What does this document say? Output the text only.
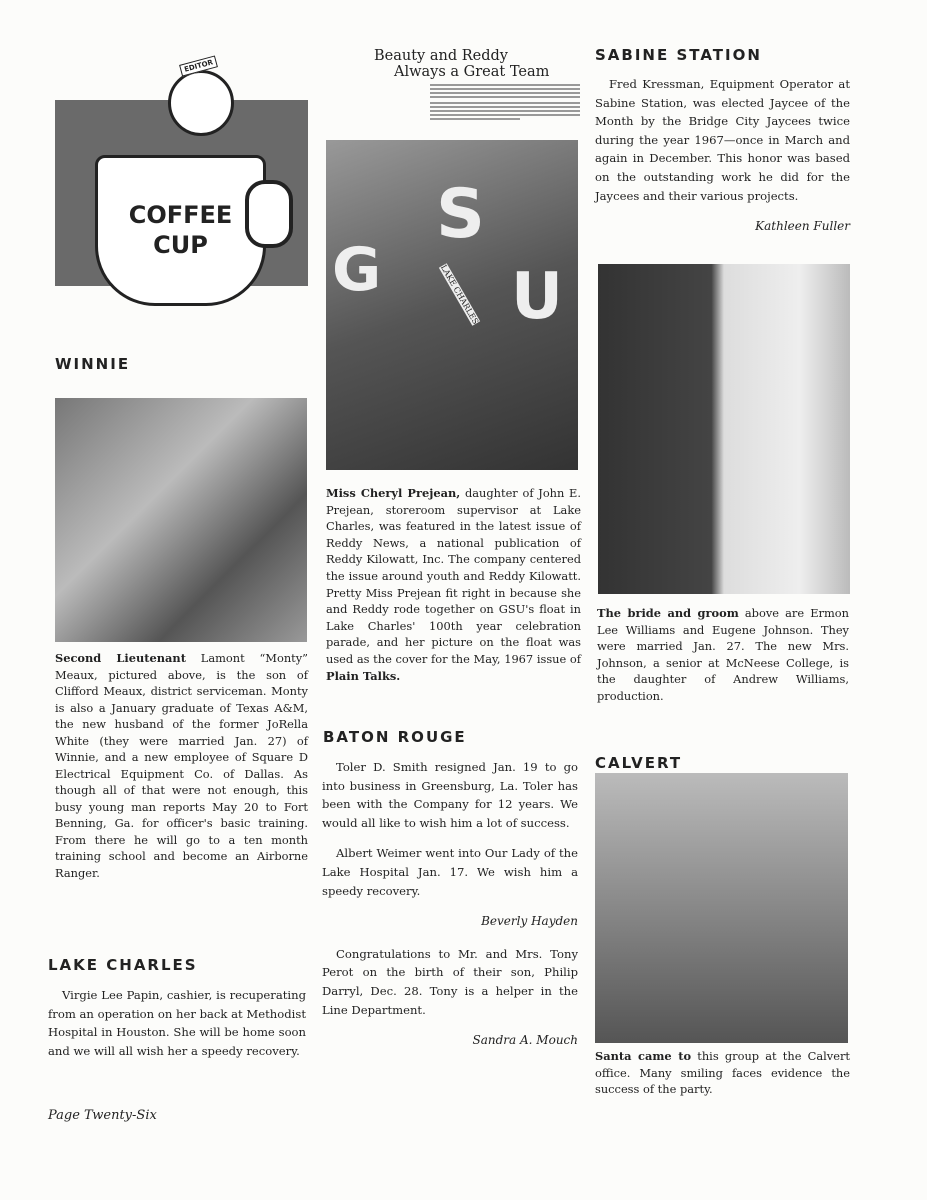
COFFEE
CUP
EDITOR
WINNIE
Second Lieutenant Lamont “Monty” Meaux, pictured above, is the son of Clifford Meaux, district serviceman. Monty is also a January graduate of Texas A&M, the new husband of the former JoRella White (they were married Jan. 27) of Winnie, and a new employee of Square D Electrical Equipment Co. of Dallas. As though all of that were not enough, this busy young man reports May 20 to Fort Benning, Ga. for officer's basic training. From there he will go to a ten month training school and become an Airborne Ranger.
LAKE CHARLES

Virgie Lee Papin, cashier, is recuperating from an operation on her back at Methodist Hospital in Houston. She will be home soon and we will all wish her a speedy recovery.

Page Twenty-Six
Beauty and Reddy
Always a Great Team
G
S
U
LAKE CHARLES
Miss Cheryl Prejean, daughter of John E. Prejean, storeroom supervisor at Lake Charles, was featured in the latest issue of Reddy News, a national publication of Reddy Kilowatt, Inc. The company centered the issue around youth and Reddy Kilowatt. Pretty Miss Prejean fit right in because she and Reddy rode together on GSU's float in Lake Charles' 100th year celebration parade, and her picture on the float was used as the cover for the May, 1967 issue of Plain Talks.
BATON ROUGE

Toler D. Smith resigned Jan. 19 to go into business in Greensburg, La. Toler has been with the Company for 12 years. We would all like to wish him a lot of success.

Albert Weimer went into Our Lady of the Lake Hospital Jan. 17. We wish him a speedy recovery.

Beverly Hayden

Congratulations to Mr. and Mrs. Tony Perot on the birth of their son, Philip Darryl, Dec. 28. Tony is a helper in the Line Department.

Sandra A. Mouch
SABINE STATION

Fred Kressman, Equipment Operator at Sabine Station, was elected Jaycee of the Month by the Bridge City Jaycees twice during the year 1967—once in March and again in December. This honor was based on the outstanding work he did for the Jaycees and their various projects.

Kathleen Fuller
The bride and groom above are Ermon Lee Williams and Eugene Johnson. They were married Jan. 27. The new Mrs. Johnson, a senior at McNeese College, is the daughter of Andrew Williams, production.
CALVERT
Santa came to this group at the Calvert office. Many smiling faces evidence the success of the party.
